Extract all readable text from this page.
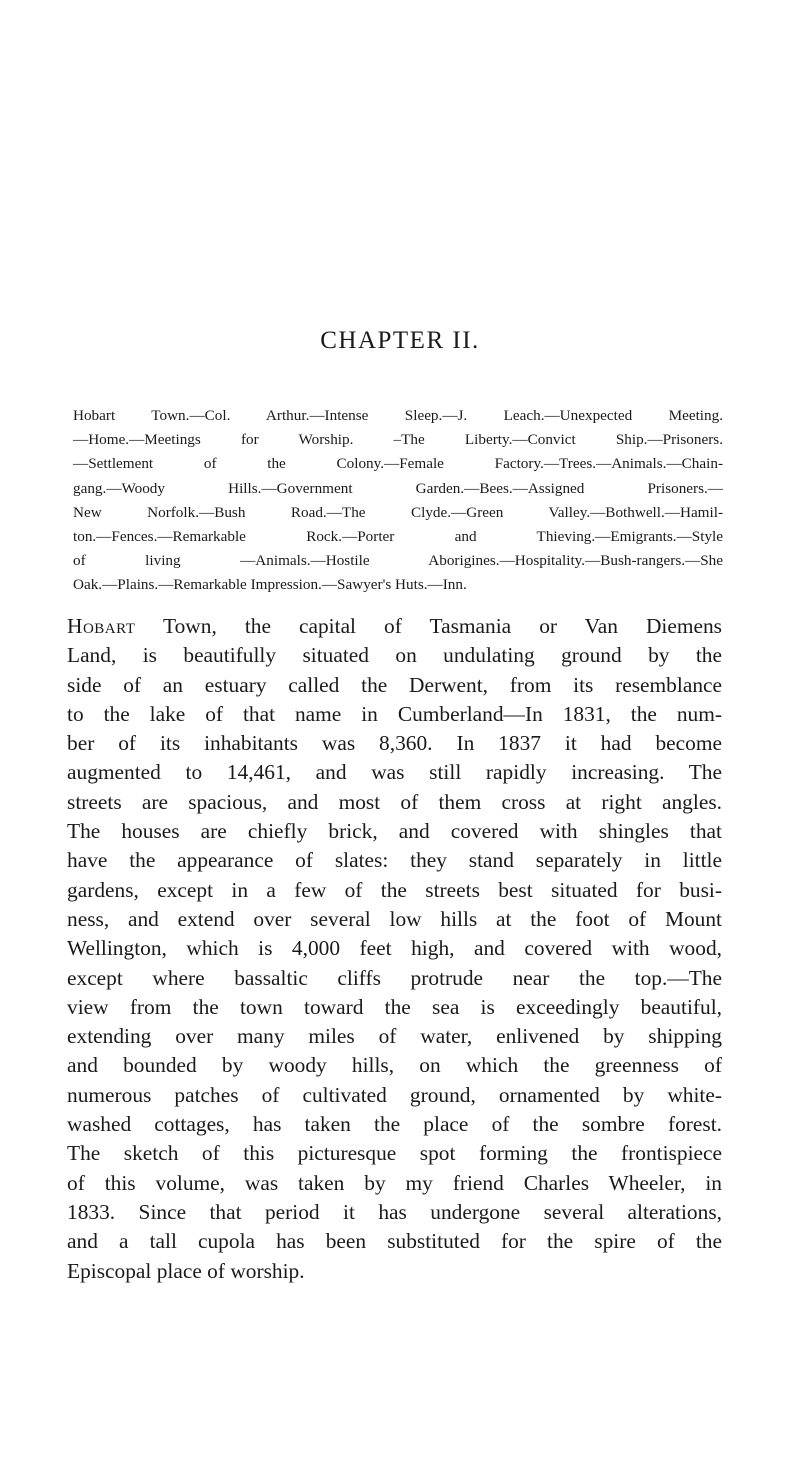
CHAPTER II.
Hobart Town.—Col. Arthur.—Intense Sleep.—J. Leach.—Unexpected Meeting.
—Home.—Meetings for Worship. –The Liberty.—Convict Ship.—Prisoners.
—Settlement of the Colony.—Female Factory.—Trees.—Animals.—Chain-
gang.—Woody Hills.—Government Garden.—Bees.—Assigned Prisoners.—
New Norfolk.—Bush Road.—The Clyde.—Green Valley.—Bothwell.—Hamil-
ton.—Fences.—Remarkable Rock.—Porter and Thieving.—Emigrants.—Style
of living —Animals.—Hostile Aborigines.—Hospitality.—Bush-rangers.—She
Oak.—Plains.—Remarkable Impression.—Sawyer's Huts.—Inn.
Hobart Town, the capital of Tasmania or Van Diemens
Land, is beautifully situated on undulating ground by the
side of an estuary called the Derwent, from its resemblance
to the lake of that name in Cumberland—In 1831, the num-
ber of its inhabitants was 8,360. In 1837 it had become
augmented to 14,461, and was still rapidly increasing. The
streets are spacious, and most of them cross at right angles.
The houses are chiefly brick, and covered with shingles that
have the appearance of slates: they stand separately in little
gardens, except in a few of the streets best situated for busi-
ness, and extend over several low hills at the foot of Mount
Wellington, which is 4,000 feet high, and covered with wood,
except where bassaltic cliffs protrude near the top.—The
view from the town toward the sea is exceedingly beautiful,
extending over many miles of water, enlivened by shipping
and bounded by woody hills, on which the greenness of
numerous patches of cultivated ground, ornamented by white-
washed cottages, has taken the place of the sombre forest.
The sketch of this picturesque spot forming the frontispiece
of this volume, was taken by my friend Charles Wheeler, in
1833. Since that period it has undergone several alterations,
and a tall cupola has been substituted for the spire of the
Episcopal place of worship.
